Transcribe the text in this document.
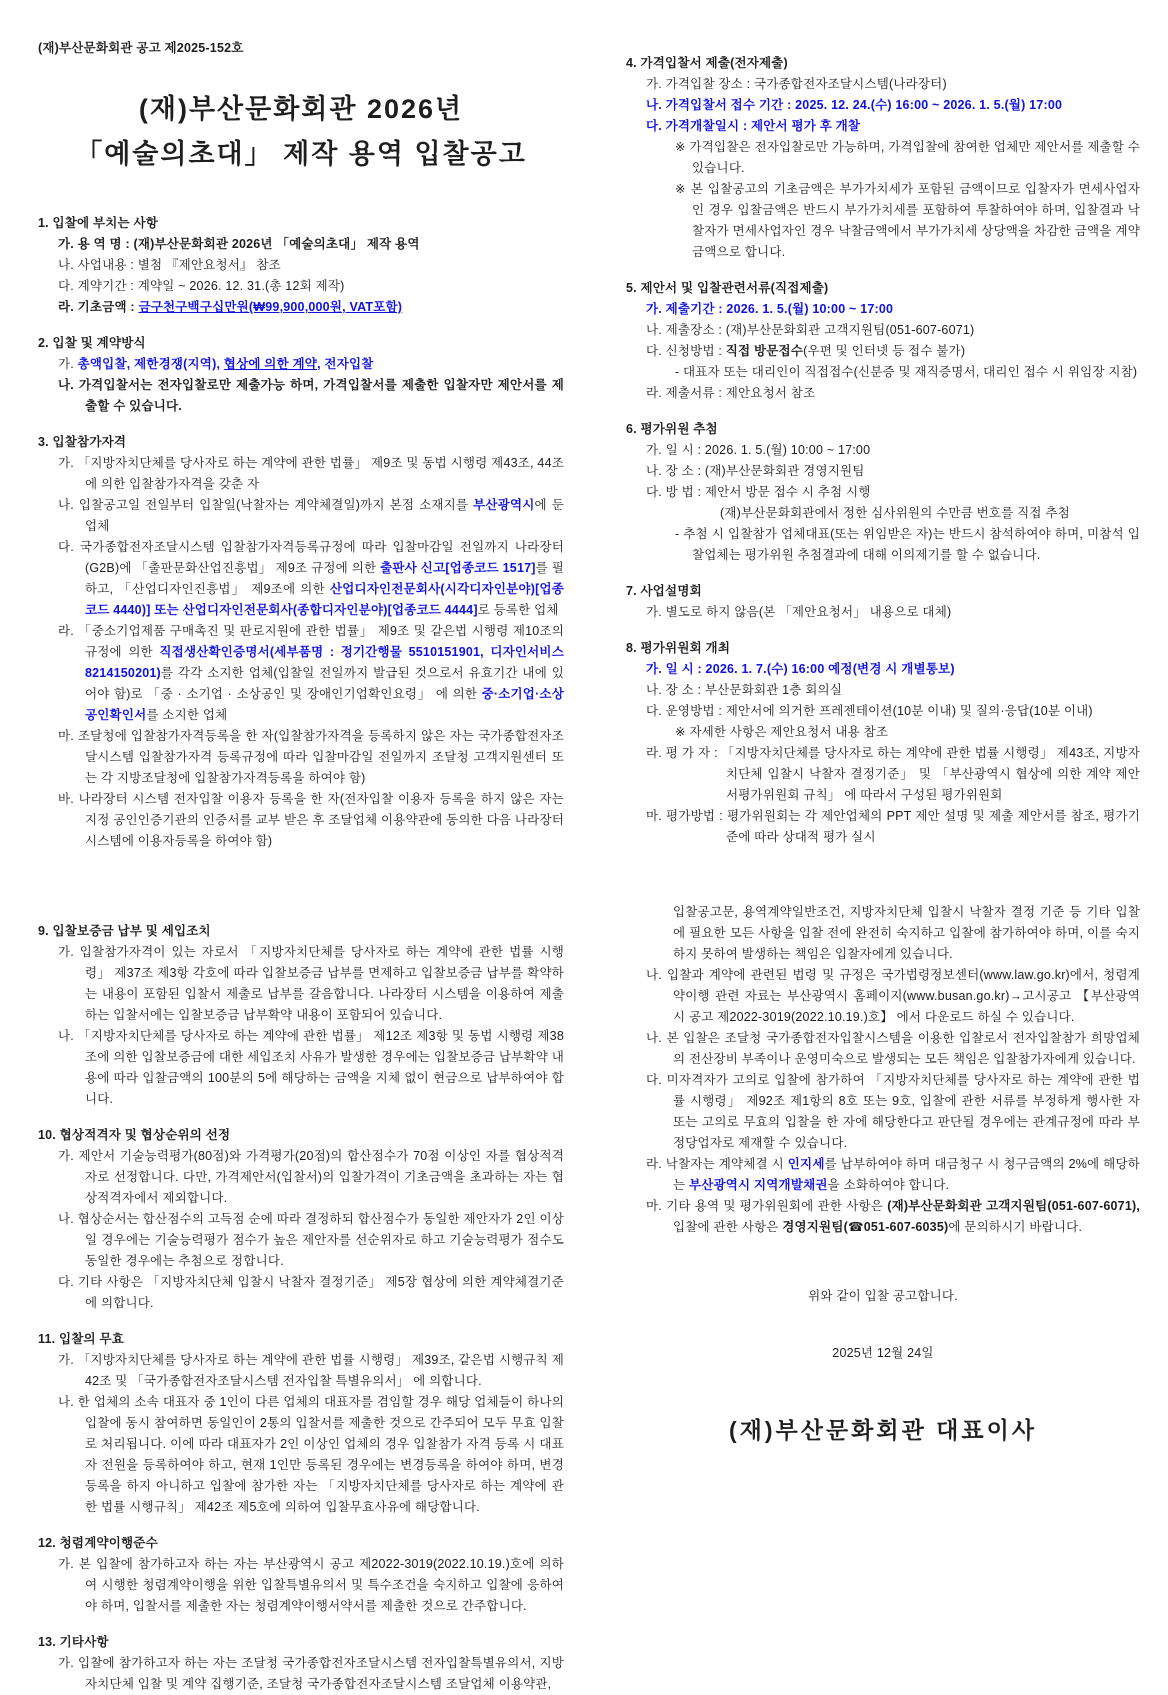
(재)부산문화회관 공고 제2025-152호
(재)부산문화회관 2026년
「예술의초대」 제작 용역 입찰공고
1. 입찰에 부치는 사항
가. 용 역 명 : (재)부산문화회관 2026년 「예술의초대」 제작 용역
나. 사업내용 : 별첨 『제안요청서』 참조
다. 계약기간 : 계약일 ~ 2026. 12. 31.(총 12회 제작)
라. 기초금액 : 금구천구백구십만원(₩99,900,000원, VAT포함)
2. 입찰 및 계약방식
가. 총액입찰, 제한경쟁(지역), 협상에 의한 계약, 전자입찰
나. 가격입찰서는 전자입찰로만 제출가능 하며, 가격입찰서를 제출한 입찰자만 제안서를 제출할 수 있습니다.
3. 입찰참가자격
가. 「지방자치단체를 당사자로 하는 계약에 관한 법률」 제9조 및 동법 시행령 제43조, 44조에 의한 입찰참가자격을 갖춘 자
나. 입찰공고일 전일부터 입찰일(낙찰자는 계약체결일)까지 본점 소재지를 부산광역시에 둔 업체
다. 국가종합전자조달시스템 입찰참가자격등록규정에 따라 입찰마감일 전일까지 나라장터(G2B)에 「출판문화산업진흥법」 제9조 규정에 의한 출판사 신고[업종코드 1517]를 필하고, 「산업디자인진흥법」 제9조에 의한 산업디자인전문회사(시각디자인분야)[업종코드 4440)] 또는 산업디자인전문회사(종합디자인분야)[업종코드 4444]로 등록한 업체
라. 「중소기업제품 구매촉진 및 판로지원에 관한 법률」 제9조 및 같은법 시행령 제10조의 규정에 의한 직접생산확인증명서(세부품명 : 정기간행물 5510151901, 디자인서비스 8214150201)를 각각 소지한 업체(입찰일 전일까지 발급된 것으로서 유효기간 내에 있어야 함)로 「중 · 소기업 · 소상공인 및 장애인기업확인요령」 에 의한 중·소기업·소상공인확인서를 소지한 업체
마. 조달청에 입찰참가자격등록을 한 자(입찰참가자격을 등록하지 않은 자는 국가종합전자조달시스템 입찰참가자격 등록규정에 따라 입찰마감일 전일까지 조달청 고객지원센터 또는 각 지방조달청에 입찰참가자격등록을 하여야 함)
바. 나라장터 시스템 전자입찰 이용자 등록을 한 자(전자입찰 이용자 등록을 하지 않은 자는 지정 공인인증기관의 인증서를 교부 받은 후 조달업체 이용약관에 동의한 다음 나라장터 시스템에 이용자등록을 하여야 함)
9. 입찰보증금 납부 및 세입조치
가. 입찰참가자격이 있는 자로서 「지방자치단체를 당사자로 하는 계약에 관한 법률 시행령」 제37조 제3항 각호에 따라 입찰보증금 납부를 면제하고 입찰보증금 납부를 확약하는 내용이 포함된 입찰서 제출로 납부를 갈음합니다. 나라장터 시스템을 이용하여 제출하는 입찰서에는 입찰보증금 납부확약 내용이 포함되어 있습니다.
나. 「지방자치단체를 당사자로 하는 계약에 관한 법률」 제12조 제3항 및 동법 시행령 제38조에 의한 입찰보증금에 대한 세입조치 사유가 발생한 경우에는 입찰보증금 납부확약 내용에 따라 입찰금액의 100분의 5에 해당하는 금액을 지체 없이 현금으로 납부하여야 합니다.
10. 협상적격자 및 협상순위의 선정
가. 제안서 기술능력평가(80점)와 가격평가(20점)의 합산점수가 70점 이상인 자를 협상적격자로 선정합니다. 다만, 가격제안서(입찰서)의 입찰가격이 기초금액을 초과하는 자는 협상적격자에서 제외합니다.
나. 협상순서는 합산점수의 고득점 순에 따라 결정하되 합산점수가 동일한 제안자가 2인 이상일 경우에는 기술능력평가 점수가 높은 제안자를 선순위자로 하고 기술능력평가 점수도 동일한 경우에는 추첨으로 정합니다.
다. 기타 사항은 「지방자치단체 입찰시 낙찰자 결정기준」 제5장 협상에 의한 계약체결기준에 의합니다.
11. 입찰의 무효
가. 「지방자치단체를 당사자로 하는 계약에 관한 법률 시행령」 제39조, 같은법 시행규칙 제42조 및 「국가종합전자조달시스템 전자입찰 특별유의서」 에 의합니다.
나. 한 업체의 소속 대표자 중 1인이 다른 업체의 대표자를 겸임할 경우 해당 업체들이 하나의 입찰에 동시 참여하면 동일인이 2통의 입찰서를 제출한 것으로 간주되어 모두 무효 입찰로 처리됩니다. 이에 따라 대표자가 2인 이상인 업체의 경우 입찰참가 자격 등록 시 대표자 전원을 등록하여야 하고, 현재 1인만 등록된 경우에는 변경등록을 하여야 하며, 변경등록을 하지 아니하고 입찰에 참가한 자는 「지방자치단체를 당사자로 하는 계약에 관한 법률 시행규칙」 제42조 제5호에 의하여 입찰무효사유에 해당합니다.
12. 청렴계약이행준수
가. 본 입찰에 참가하고자 하는 자는 부산광역시 공고 제2022-3019(2022.10.19.)호에 의하여 시행한 청렴계약이행을 위한 입찰특별유의서 및 특수조건을 숙지하고 입찰에 응하여야 하며, 입찰서를 제출한 자는 청렴계약이행서약서를 제출한 것으로 간주합니다.
13. 기타사항
가. 입찰에 참가하고자 하는 자는 조달청 국가종합전자조달시스템 전자입찰특별유의서, 지방자치단체 입찰 및 계약 집행기준, 조달청 국가종합전자조달시스템 조달업체 이용약관,
4. 가격입찰서 제출(전자제출)
가. 가격입찰 장소 : 국가종합전자조달시스템(나라장터)
나. 가격입찰서 접수 기간 : 2025. 12. 24.(수) 16:00 ~ 2026. 1. 5.(월) 17:00
다. 가격개찰일시 : 제안서 평가 후 개찰
※ 가격입찰은 전자입찰로만 가능하며, 가격입찰에 참여한 업체만 제안서를 제출할 수 있습니다.
※ 본 입찰공고의 기초금액은 부가가치세가 포함된 금액이므로 입찰자가 면세사업자인 경우 입찰금액은 반드시 부가가치세를 포함하여 투찰하여야 하며, 입찰결과 낙찰자가 면세사업자인 경우 낙찰금액에서 부가가치세 상당액을 차감한 금액을 계약금액으로 합니다.
5. 제안서 및 입찰관련서류(직접제출)
가. 제출기간 : 2026. 1. 5.(월) 10:00 ~ 17:00
나. 제출장소 : (재)부산문화회관 고객지원팀(051-607-6071)
다. 신청방법 : 직접 방문접수(우편 및 인터넷 등 접수 불가)
- 대표자 또는 대리인이 직접접수(신분증 및 재직증명서, 대리인 접수 시 위임장 지참)
라. 제출서류 : 제안요청서 참조
6. 평가위원 추첨
가. 일 시 : 2026. 1. 5.(월) 10:00 ~ 17:00
나. 장 소 : (재)부산문화회관 경영지원팀
다. 방 법 : 제안서 방문 접수 시 추첨 시행
(재)부산문화회관에서 정한 심사위원의 수만큼 번호를 직접 추첨
- 추첨 시 입찰참가 업체대표(또는 위임받은 자)는 반드시 참석하여야 하며, 미참석 입찰업체는 평가위원 추첨결과에 대해 이의제기를 할 수 없습니다.
7. 사업설명회
가. 별도로 하지 않음(본 「제안요청서」 내용으로 대체)
8. 평가위원회 개최
가. 일 시 : 2026. 1. 7.(수) 16:00 예정(변경 시 개별통보)
나. 장 소 : 부산문화회관 1층 회의실
다. 운영방법 : 제안서에 의거한 프레젠테이션(10분 이내) 및 질의·응답(10분 이내)
※ 자세한 사항은 제안요청서 내용 참조
라. 평 가 자 : 「지방자치단체를 당사자로 하는 계약에 관한 법률 시행령」 제43조, 지방자치단체 입찰시 낙찰자 결정기준」 및 「부산광역시 협상에 의한 계약 제안서평가위원회 규칙」 에 따라서 구성된 평가위원회
마. 평가방법 : 평가위원회는 각 제안업체의 PPT 제안 설명 및 제출 제안서를 참조, 평가기준에 따라 상대적 평가 실시
입찰공고문, 용역계약일반조건, 지방자치단체 입찰시 낙찰자 결정 기준 등 기타 입찰에 필요한 모든 사항을 입찰 전에 완전히 숙지하고 입찰에 참가하여야 하며, 이를 숙지하지 못하여 발생하는 책임은 입찰자에게 있습니다.
나. 입찰과 계약에 관련된 법령 및 규정은 국가법령정보센터(www.law.go.kr)에서, 청렴계약이행 관련 자료는 부산광역시 홈페이지(www.busan.go.kr)→고시공고 【부산광역시 공고 제2022-3019(2022.10.19.)호】 에서 다운로드 하실 수 있습니다.
나. 본 입찰은 조달청 국가종합전자입찰시스템을 이용한 입찰로서 전자입찰참가 희망업체의 전산장비 부족이나 운영미숙으로 발생되는 모든 책임은 입찰참가자에게 있습니다.
다. 미자격자가 고의로 입찰에 참가하여 「지방자치단체를 당사자로 하는 계약에 관한 법률 시행령」 제92조 제1항의 8호 또는 9호, 입찰에 관한 서류를 부정하게 행사한 자 또는 고의로 무효의 입찰을 한 자에 해당한다고 판단될 경우에는 관계규정에 따라 부정당업자로 제재할 수 있습니다.
라. 낙찰자는 계약체결 시 인지세를 납부하여야 하며 대금청구 시 청구금액의 2%에 해당하는 부산광역시 지역개발채권을 소화하여야 합니다.
마. 기타 용역 및 평가위원회에 관한 사항은 (재)부산문화회관 고객지원팀(051-607-6071), 입찰에 관한 사항은 경영지원팀(☎051-607-6035)에 문의하시기 바랍니다.
위와 같이 입찰 공고합니다.
2025년 12월 24일
(재)부산문화회관 대표이사
